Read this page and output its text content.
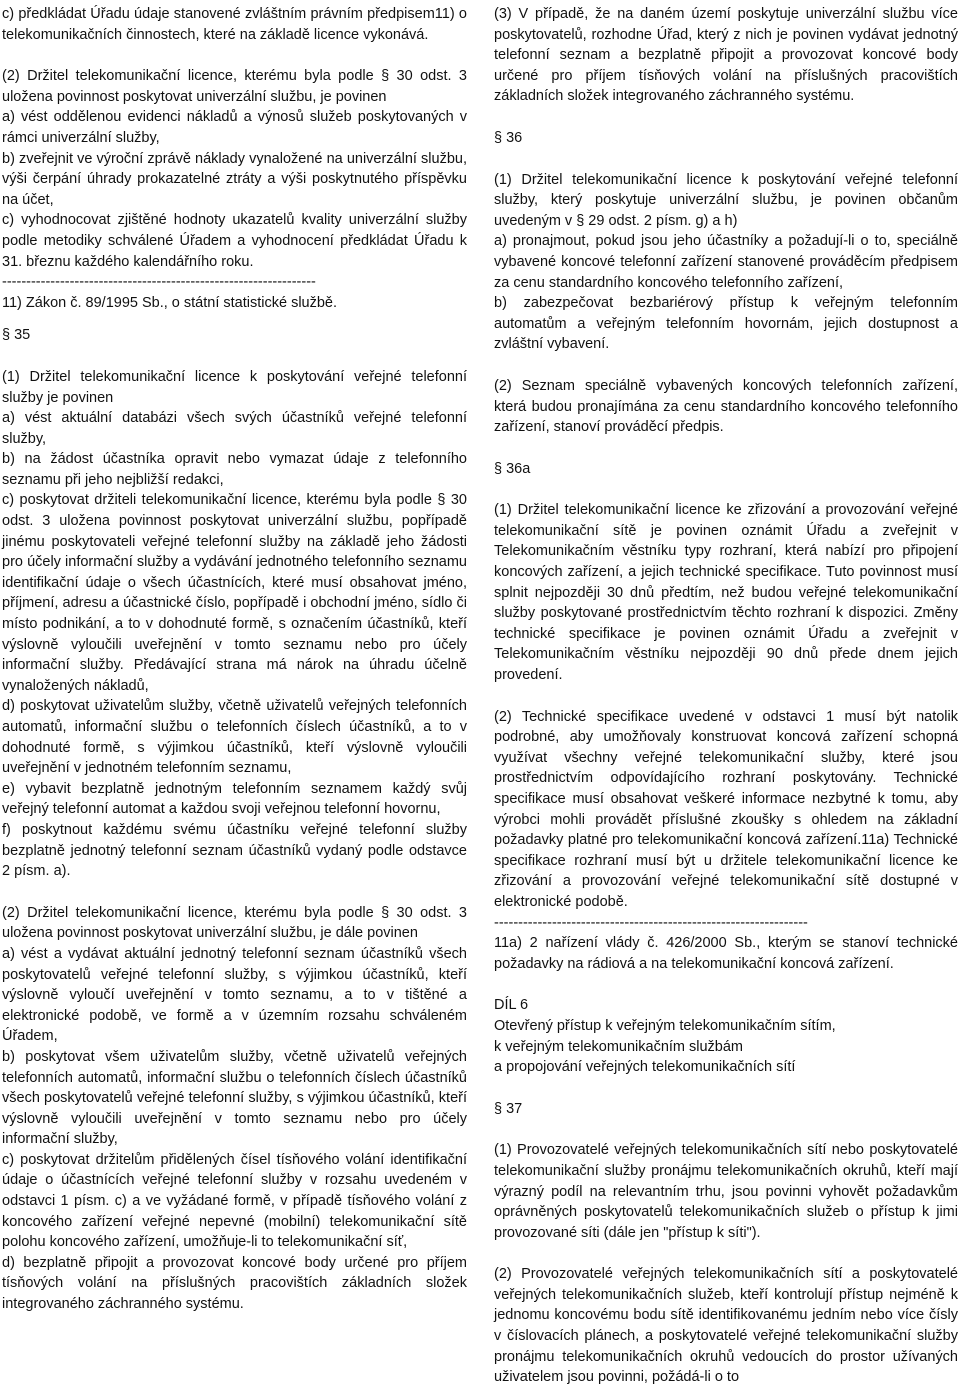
c) předkládat Úřadu údaje stanovené zvláštním právním předpisem11) o telekomunikačních činnostech, které na základě licence vykonává.

(2) Držitel telekomunikační licence, kterému byla podle § 30 odst. 3 uložena povinnost poskytovat univerzální službu, je povinen

a) vést oddělenou evidenci nákladů a výnosů služeb poskytovaných v rámci univerzální služby,

b) zveřejnit ve výroční zprávě náklady vynaložené na univerzální službu, výši čerpání úhrady prokazatelné ztráty a výši poskytnutého příspěvku na účet,

c) vyhodnocovat zjištěné hodnoty ukazatelů kvality univerzální služby podle metodiky schválené Úřadem a vyhodnocení předkládat Úřadu k 31. březnu každého kalendářního roku.

-----------------------------------------------------------------

11) Zákon č. 89/1995 Sb., o státní statistické službě.

§ 35

(1) Držitel telekomunikační licence k poskytování veřejné telefonní služby je povinen

a) vést aktuální databázi všech svých účastníků veřejné telefonní služby,

b) na žádost účastníka opravit nebo vymazat údaje z telefonního seznamu při jeho nejbližší redakci,

c) poskytovat držiteli telekomunikační licence, kterému byla podle § 30 odst. 3 uložena povinnost poskytovat univerzální službu, popřípadě jinému poskytovateli veřejné telefonní služby na základě jeho žádosti pro účely informační služby a vydávání jednotného telefonního seznamu identifikační údaje o všech účastnících, které musí obsahovat jméno, příjmení, adresu a účastnické číslo, popřípadě i obchodní jméno, sídlo či místo podnikání, a to v dohodnuté formě, s označením účastníků, kteří výslovně vyloučili uveřejnění v tomto seznamu nebo pro účely informační služby. Předávající strana má nárok na úhradu účelně vynaložených nákladů,

d) poskytovat uživatelům služby, včetně uživatelů veřejných telefonních automatů, informační službu o telefonních číslech účastníků, a to v dohodnuté formě, s výjimkou účastníků, kteří výslovně vyloučili uveřejnění v jednotném telefonním seznamu,

e) vybavit bezplatně jednotným telefonním seznamem každý svůj veřejný telefonní automat a každou svoji veřejnou telefonní hovornu,

f) poskytnout každému svému účastníku veřejné telefonní služby bezplatně jednotný telefonní seznam účastníků vydaný podle odstavce 2 písm. a).

(2) Držitel telekomunikační licence, kterému byla podle § 30 odst. 3 uložena povinnost poskytovat univerzální službu, je dále povinen

a) vést a vydávat aktuální jednotný telefonní seznam účastníků všech poskytovatelů veřejné telefonní služby, s výjimkou účastníků, kteří výslovně vyloučí uveřejnění v tomto seznamu, a to v tištěné a elektronické podobě, ve formě a v územním rozsahu schváleném Úřadem,

b) poskytovat všem uživatelům služby, včetně uživatelů veřejných telefonních automatů, informační službu o telefonních číslech účastníků všech poskytovatelů veřejné telefonní služby, s výjimkou účastníků, kteří výslovně vyloučili uveřejnění v tomto seznamu nebo pro účely informační služby,

c) poskytovat držitelům přidělených čísel tísňového volání identifikační údaje o účastnících veřejné telefonní služby v rozsahu uvedeném v odstavci 1 písm. c) a ve vyžádané formě, v případě tísňového volání z koncového zařízení veřejné nepevné (mobilní) telekomunikační sítě polohu koncového zařízení, umožňuje-li to telekomunikační síť,

d) bezplatně připojit a provozovat koncové body určené pro příjem tísňových volání na příslušných pracovištích základních složek integrovaného záchranného systému.

(3) V případě, že na daném území poskytuje univerzální službu více poskytovatelů, rozhodne Úřad, který z nich je povinen vydávat jednotný telefonní seznam a bezplatně připojit a provozovat koncové body určené pro příjem tísňových volání na příslušných pracovištích základních složek integrovaného záchranného systému.

§ 36

(1) Držitel telekomunikační licence k poskytování veřejné telefonní služby, který poskytuje univerzální službu, je povinen občanům uvedeným v § 29 odst. 2 písm. g) a h)

a) pronajmout, pokud jsou jeho účastníky a požadují-li o to, speciálně vybavené koncové telefonní zařízení stanovené prováděcím předpisem za cenu standardního koncového telefonního zařízení,

b) zabezpečovat bezbariérový přístup k veřejným telefonním automatům a veřejným telefonním hovornám, jejich dostupnost a zvláštní vybavení.

(2) Seznam speciálně vybavených koncových telefonních zařízení, která budou pronajímána za cenu standardního koncového telefonního zařízení, stanoví prováděcí předpis.

§ 36a

(1) Držitel telekomunikační licence ke zřizování a provozování veřejné telekomunikační sítě je povinen oznámit Úřadu a zveřejnit v Telekomunikačním věstníku typy rozhraní, která nabízí pro připojení koncových zařízení, a jejich technické specifikace. Tuto povinnost musí splnit nejpozději 30 dnů předtím, než budou veřejné telekomunikační služby poskytované prostřednictvím těchto rozhraní k dispozici. Změny technické specifikace je povinen oznámit Úřadu a zveřejnit v Telekomunikačním věstníku nejpozději 90 dnů přede dnem jejich provedení.

(2) Technické specifikace uvedené v odstavci 1 musí být natolik podrobné, aby umožňovaly konstruovat koncová zařízení schopná využívat všechny veřejné telekomunikační služby, které jsou prostřednictvím odpovídajícího rozhraní poskytovány. Technické specifikace musí obsahovat veškeré informace nezbytné k tomu, aby výrobci mohli provádět příslušné zkoušky s ohledem na základní požadavky platné pro telekomunikační koncová zařízení.11a) Technické specifikace rozhraní musí být u držitele telekomunikační licence ke zřizování a provozování veřejné telekomunikační sítě dostupné v elektronické podobě.

-----------------------------------------------------------------

11a) 2 nařízení vlády č. 426/2000 Sb., kterým se stanoví technické požadavky na rádiová a na telekomunikační koncová zařízení.

DÍL 6

Otevřený přístup k veřejným telekomunikačním sítím,

k veřejným telekomunikačním službám

a propojování veřejných telekomunikačních sítí

§ 37

(1) Provozovatelé veřejných telekomunikačních sítí nebo poskytovatelé telekomunikační služby pronájmu telekomunikačních okruhů, kteří mají výrazný podíl na relevantním trhu, jsou povinni vyhovět požadavkům oprávněných poskytovatelů telekomunikačních služeb o přístup k jimi provozované síti (dále jen "přístup k síti").

(2) Provozovatelé veřejných telekomunikačních sítí a poskytovatelé veřejných telekomunikačních služeb, kteří kontrolují přístup nejméně k jednomu koncovému bodu sítě identifikovanému jedním nebo více čísly v číslovacích plánech, a poskytovatelé veřejné telekomunikační služby pronájmu telekomunikačních okruhů vedoucích do prostor užívaných uživatelem jsou povinni, požádá-li o to
